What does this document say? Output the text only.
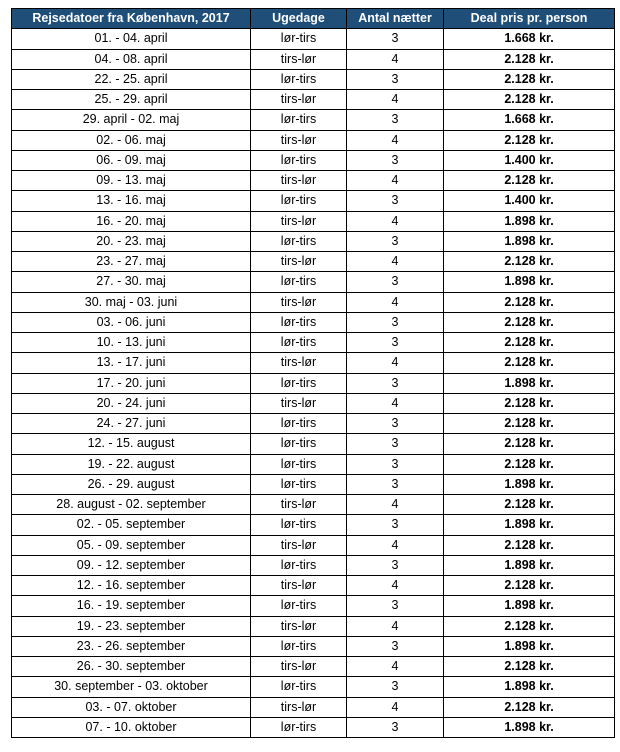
Rejsedatoer fra København, 2017	Ugedage	Antal nætter	Deal pris pr. person
01. - 04. april	lør-tirs	3	1.668 kr.
04. - 08. april	tirs-lør	4	2.128 kr.
22. - 25. april	lør-tirs	3	2.128 kr.
25. - 29. april	tirs-lør	4	2.128 kr.
29. april - 02. maj	lør-tirs	3	1.668 kr.
02. - 06. maj	tirs-lør	4	2.128 kr.
06. - 09. maj	lør-tirs	3	1.400 kr.
09. - 13. maj	tirs-lør	4	2.128 kr.
13. - 16. maj	lør-tirs	3	1.400 kr.
16. - 20. maj	tirs-lør	4	1.898 kr.
20. - 23. maj	lør-tirs	3	1.898 kr.
23. - 27. maj	tirs-lør	4	2.128 kr.
27. - 30. maj	lør-tirs	3	1.898 kr.
30. maj - 03. juni	tirs-lør	4	2.128 kr.
03. - 06. juni	lør-tirs	3	2.128 kr.
10. - 13. juni	lør-tirs	3	2.128 kr.
13. - 17. juni	tirs-lør	4	2.128 kr.
17. - 20. juni	lør-tirs	3	1.898 kr.
20. - 24. juni	tirs-lør	4	2.128 kr.
24. - 27. juni	lør-tirs	3	2.128 kr.
12. - 15. august	lør-tirs	3	2.128 kr.
19. - 22. august	lør-tirs	3	2.128 kr.
26. - 29. august	lør-tirs	3	1.898 kr.
28. august - 02. september	tirs-lør	4	2.128 kr.
02. - 05. september	lør-tirs	3	1.898 kr.
05. - 09. september	tirs-lør	4	2.128 kr.
09. - 12. september	lør-tirs	3	1.898 kr.
12. - 16. september	tirs-lør	4	2.128 kr.
16. - 19. september	lør-tirs	3	1.898 kr.
19. - 23. september	tirs-lør	4	2.128 kr.
23. - 26. september	lør-tirs	3	1.898 kr.
26. - 30. september	tirs-lør	4	2.128 kr.
30. september - 03. oktober	lør-tirs	3	1.898 kr.
03. - 07. oktober	tirs-lør	4	2.128 kr.
07. - 10. oktober	lør-tirs	3	1.898 kr.
